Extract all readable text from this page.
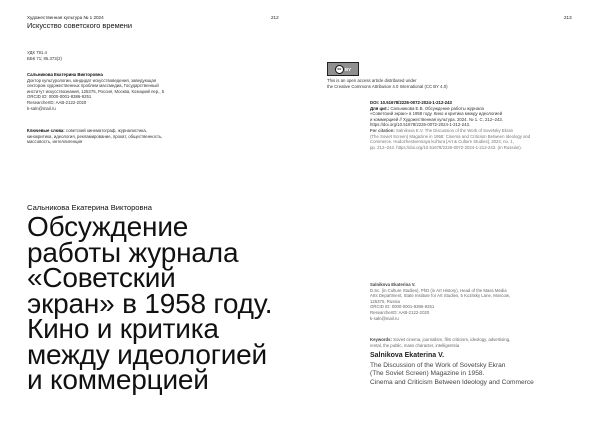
Художественная культура № 1 2024
Искусство советского времени
212	213
УДК 791.4
ББК 71; 85.373(2)
Сальникова Екатерина Викторовна
Доктор культурологии, кандидат искусствоведения, заведующая
сектором художественных проблем массмедиа, Государственный
институт искусствознания, 125375, Россия, Москва, Козицкий пер., 5
ORCID ID: 0000-0001-8386-9251
ResearcherID: AAB-2122-2020
k-saln@mail.ru
Ключевые слова: советский кинематограф, журналистика,
кинокритика, идеология, рекламирование, прокат, общественность,
массовость, интеллигенция
cc BY
This is an open access article distributed under
the Creative Commons Attribution 4.0 International (CC BY 4.0)
DOI: 10.51678/2226-0072-2024-1-212-243
Для цит.: Сальникова Е.В. Обсуждение работы журнала
«Советский экран» в 1958 году. Кино и критика между идеологией
и коммерцией // Художественная культура. 2024. № 1. С. 212–243.
https://doi.org/10.51678/2226-0072-2024-1-212-243.
For citation: Salnikova E.V. The Discussion of the Work of Sovetsky Ekran
(The Soviet Screen) Magazine in 1958: Cinema and Criticism Between Ideology and
Commerce. Hudozhestvennaya kul'tura [Art & Culture Studies], 2024, no. 1,
pp. 212–243. https://doi.org/10.51678/2226-0072-2024-1-212-243. (In Russian).
Сальникова Екатерина Викторовна
Обсуждение
работы журнала
«Советский
экран» в 1958 году.
Кино и критика
между идеологией
и коммерцией
Salnikova Ekaterina V.
D.Sc. (in Culture Studies), PhD (in Art History), Head of the Mass Media
Arts Department, State Institute for Art Studies, 5 Kozitsky Lane, Moscow,
125375, Russia
ORCID ID: 0000-0001-8386-9251
ResearcherID: AAB-2122-2020
k-saln@mail.ru
Keywords: Soviet cinema, journalism, film criticism, ideology, advertising,
rental, the public, mass character, intelligentsia
Salnikova Ekaterina V.
The Discussion of the Work of Sovetsky Ekran
(The Soviet Screen) Magazine in 1958.
Cinema and Criticism Between Ideology and Commerce
